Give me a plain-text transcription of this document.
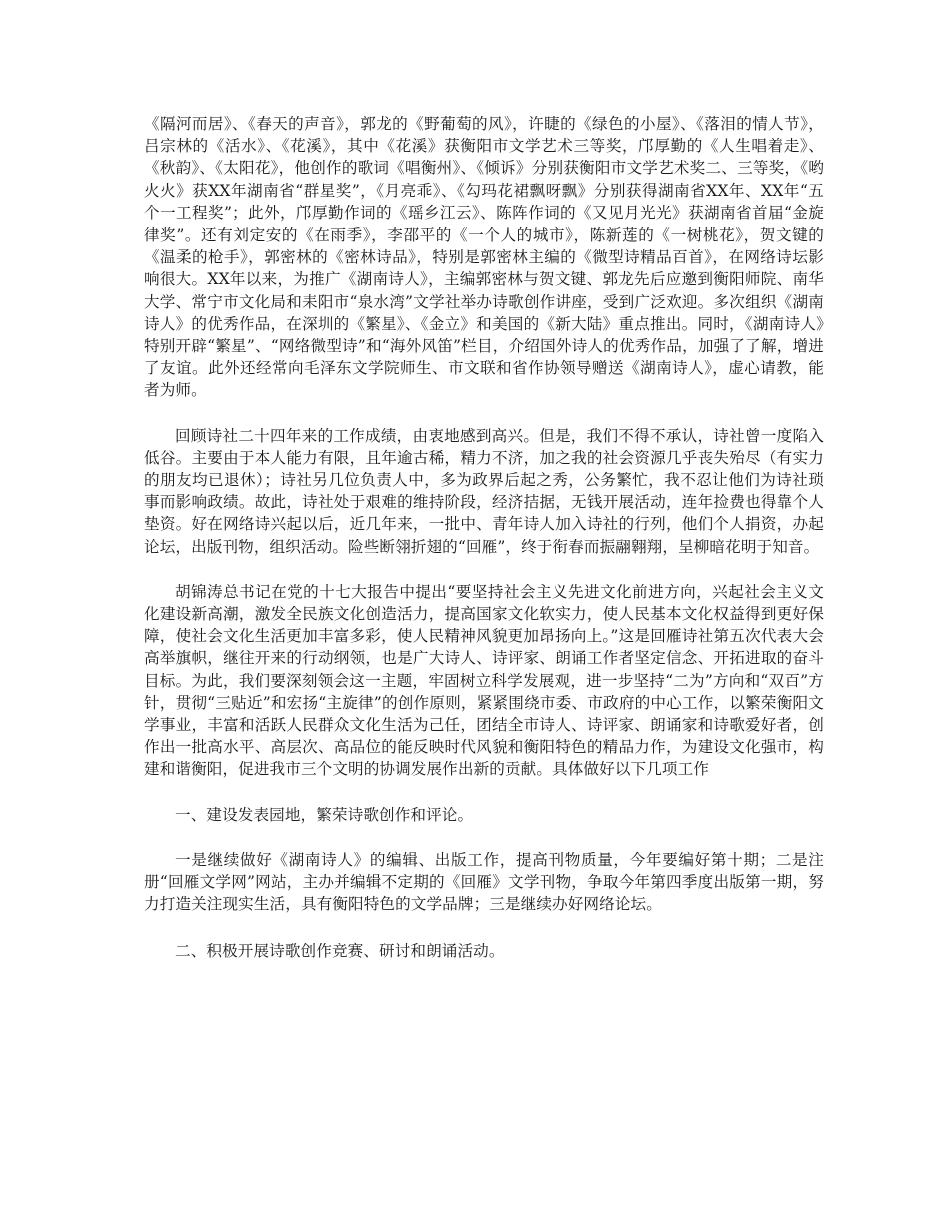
《隔河而居》、《春天的声音》，郭龙的《野葡萄的风》，许睫的《绿色的小屋》、《落泪的情人节》，吕宗林的《活水》、《花溪》，其中《花溪》获衡阳市文学艺术三等奖，邝厚勤的《人生唱着走》、《秋韵》、《太阳花》，他创作的歌词《唱衡州》、《倾诉》分别获衡阳市文学艺术奖二、三等奖，《哟火火》获XX年湖南省“群星奖”，《月亮乖》、《勾玛花裙飘呀飘》分别获得湖南省XX年、XX年“五个一工程奖”；此外，邝厚勤作词的《瑶乡江云》、陈阵作词的《又见月光光》获湖南省首届“金旋律奖”。还有刘定安的《在雨季》，李邵平的《一个人的城市》，陈新莲的《一树桃花》，贺文键的《温柔的枪手》，郭密林的《密林诗品》，特别是郭密林主编的《微型诗精品百首》，在网络诗坛影响很大。XX年以来，为推广《湖南诗人》，主编郭密林与贺文键、郭龙先后应邀到衡阳师院、南华大学、常宁市文化局和耒阳市“泉水湾”文学社举办诗歌创作讲座，受到广泛欢迎。多次组织《湖南诗人》的优秀作品，在深圳的《繁星》、《金立》和美国的《新大陆》重点推出。同时，《湖南诗人》特别开辟“繁星”、“网络微型诗”和“海外风笛”栏目，介绍国外诗人的优秀作品，加强了了解，增进了友谊。此外还经常向毛泽东文学院师生、市文联和省作协领导赠送《湖南诗人》，虚心请教，能者为师。

回顾诗社二十四年来的工作成绩，由衷地感到高兴。但是，我们不得不承认，诗社曾一度陷入低谷。主要由于本人能力有限，且年逾古稀，精力不济，加之我的社会资源几乎丧失殆尽（有实力的朋友均已退休）；诗社另几位负责人中，多为政界后起之秀，公务繁忙，我不忍让他们为诗社琐事而影响政绩。故此，诗社处于艰难的维持阶段，经济拮据，无钱开展活动，连年捡费也得靠个人垫资。好在网络诗兴起以后，近几年来，一批中、青年诗人加入诗社的行列，他们个人捐资，办起论坛，出版刊物，组织活动。险些断翎折翅的“回雁”，终于衔春而振翮翱翔，呈柳暗花明于知音。

胡锦涛总书记在党的十七大报告中提出“要坚持社会主义先进文化前进方向，兴起社会主义文化建设新高潮，激发全民族文化创造活力，提高国家文化软实力，使人民基本文化权益得到更好保障，使社会文化生活更加丰富多彩，使人民精神风貌更加昂扬向上。”这是回雁诗社第五次代表大会高举旗帜，继往开来的行动纲领，也是广大诗人、诗评家、朗诵工作者坚定信念、开拓进取的奋斗目标。为此，我们要深刻领会这一主题，牢固树立科学发展观，进一步坚持“二为”方向和“双百”方针，贯彻“三贴近”和宏扬“主旋律”的创作原则，紧紧围绕市委、市政府的中心工作，以繁荣衡阳文学事业，丰富和活跃人民群众文化生活为己任，团结全市诗人、诗评家、朗诵家和诗歌爱好者，创作出一批高水平、高层次、高品位的能反映时代风貌和衡阳特色的精品力作，为建设文化强市，构建和谐衡阳，促进我市三个文明的协调发展作出新的贡献。具体做好以下几项工作

一、建设发表园地，繁荣诗歌创作和评论。

一是继续做好《湖南诗人》的编辑、出版工作，提高刊物质量，今年要编好第十期；二是注册“回雁文学网”网站，主办并编辑不定期的《回雁》文学刊物，争取今年第四季度出版第一期，努力打造关注现实生活，具有衡阳特色的文学品牌；三是继续办好网络论坛。

二、积极开展诗歌创作竞赛、研讨和朗诵活动。
